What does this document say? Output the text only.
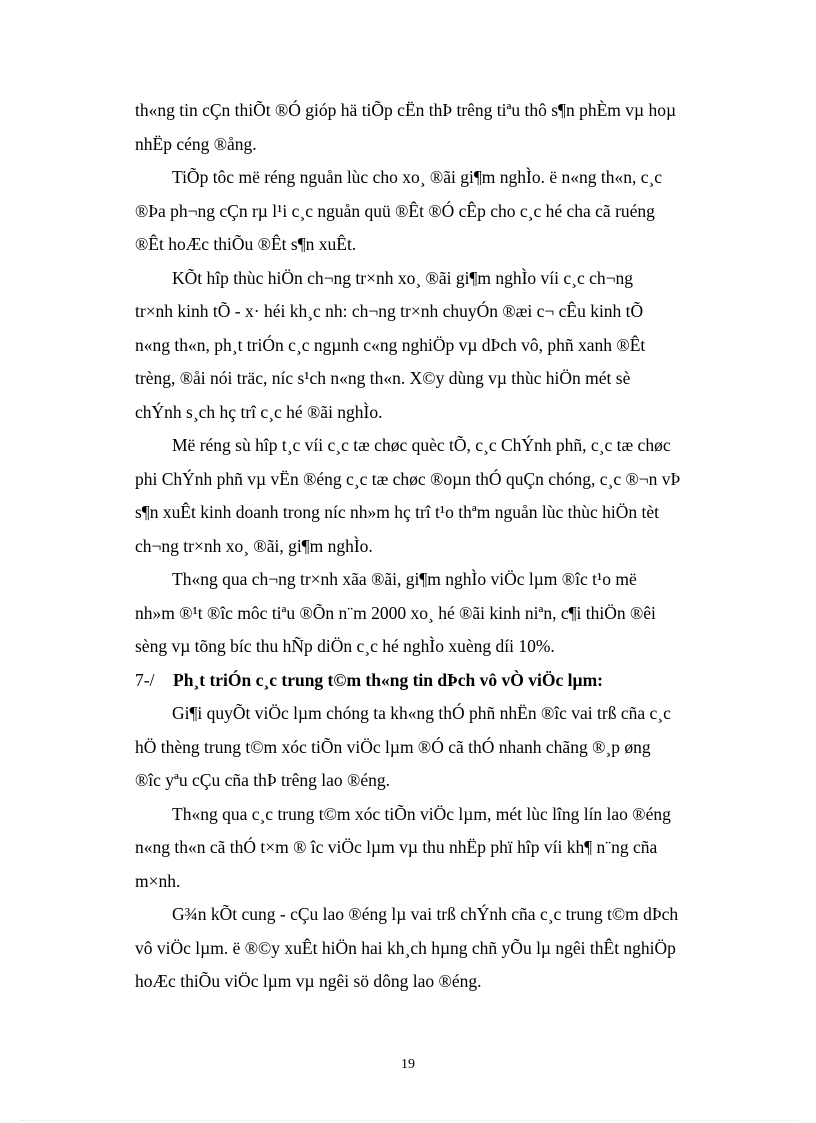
th«ng tin cÇn thiÕt ®Ó gióp hä tiÕp cËn thÞ trêng tiªu thô s¶n phÈm vµ hoµ
nhËp céng ®ång.
TiÕp tôc më réng nguån lùc cho xo¸ ®ãi gi¶m nghÌo. ë n«ng th«n, c¸c
®Þa ph¬ng cÇn rµ l¹i c¸c nguån quü ®Êt ®Ó cÊp cho c¸c hé cha cã ruéng
®Êt hoÆc thiÕu ®Êt s¶n xuÊt.
KÕt hîp thùc hiÖn ch¬ng tr×nh xo¸ ®ãi gi¶m nghÌo víi c¸c ch¬ng
tr×nh kinh tÕ - x· héi kh¸c nh: ch¬ng tr×nh chuyÓn ®æi c¬ cÊu kinh tÕ
n«ng th«n, ph¸t triÓn c¸c ngµnh c«ng nghiÖp vµ dÞch vô, phñ xanh ®Êt
trèng, ®åi nói träc, níc s¹ch n«ng th«n. X©y dùng vµ thùc hiÖn mét sè
chÝnh s¸ch hç trî c¸c hé ®ãi nghÌo.
Më réng sù hîp t¸c víi c¸c tæ chøc quèc tÕ, c¸c ChÝnh phñ, c¸c tæ chøc
phi ChÝnh phñ vµ vËn ®éng c¸c tæ chøc ®oµn thÓ quÇn chóng, c¸c ®¬n vÞ
s¶n xuÊt kinh doanh trong níc nh»m hç trî t¹o thªm nguån lùc thùc hiÖn tèt
ch¬ng tr×nh xo¸ ®ãi, gi¶m nghÌo.
Th«ng qua ch¬ng tr×nh xãa ®ãi, gi¶m nghÌo viÖc lµm ®îc t¹o më
nh»m ®¹t ®îc môc tiªu ®Õn n¨m 2000 xo¸ hé ®ãi kinh niªn, c¶i thiÖn ®êi
sèng vµ tõng bíc thu hÑp diÖn c¸c hé nghÌo xuèng díi 10%.
7-/ Ph¸t triÓn c¸c trung t©m th«ng tin dÞch vô vÒ viÖc lµm:
Gi¶i quyÕt viÖc lµm chóng ta kh«ng thÓ phñ nhËn ®îc vai trß cña c¸c
hÖ thèng trung t©m xóc tiÕn viÖc lµm ®Ó cã thÓ nhanh chãng ®¸p øng
®îc yªu cÇu cña thÞ trêng lao ®éng.
Th«ng qua c¸c trung t©m xóc tiÕn viÖc lµm, mét lùc lîng lín lao ®éng
n«ng th«n cã thÓ t×m ® îc viÖc lµm vµ thu nhËp phï hîp víi kh¶ n¨ng cña
m×nh.
G¾n kÕt cung - cÇu lao ®éng lµ vai trß chÝnh cña c¸c trung t©m dÞch
vô viÖc lµm. ë ®©y xuÊt hiÖn hai kh¸ch hµng chñ yÕu lµ ngêi thÊt nghiÖp
hoÆc thiÕu viÖc lµm vµ ngêi sö dông lao ®éng.
19
